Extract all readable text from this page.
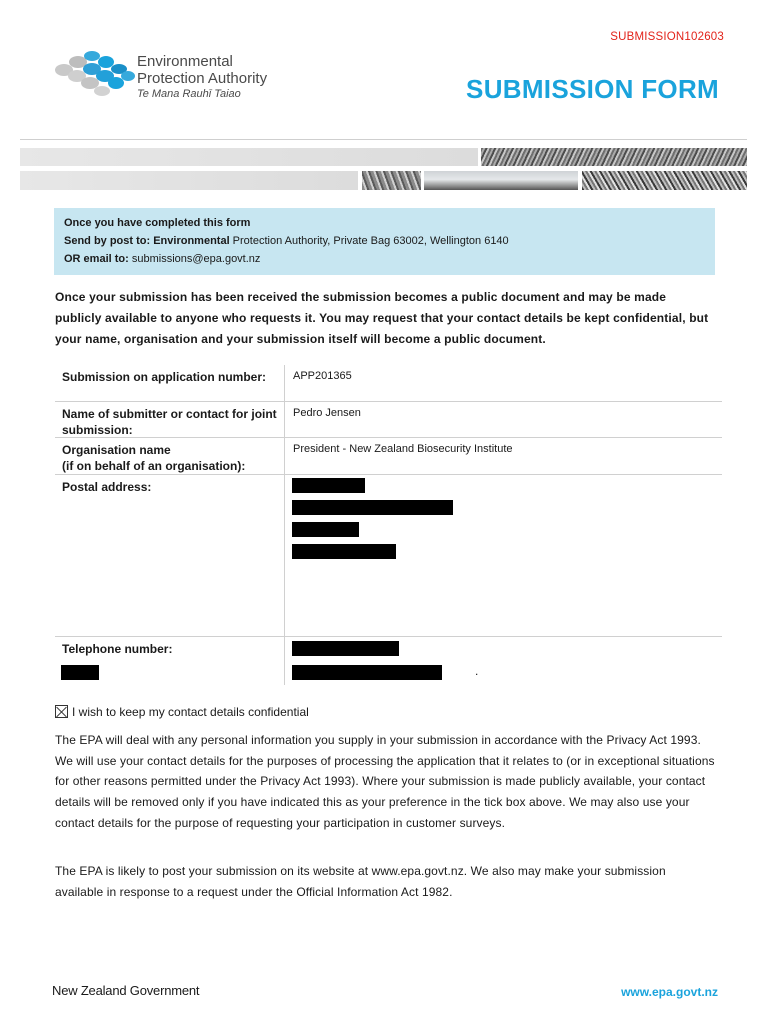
SUBMISSION102603
Environmental
Protection Authority
Te Mana Rauhī Taiao	SUBMISSION FORM
Once you have completed this form
Send by post to: Environmental Protection Authority, Private Bag 63002, Wellington 6140
OR email to: submissions@epa.govt.nz
Once your submission has been received the submission becomes a public document and may be made publicly available to anyone who requests it. You may request that your contact details be kept confidential, but your name, organisation and your submission itself will become a public document.
Submission on application number:	APP201365
Name of submitter or contact for joint submission:
Pedro Jensen
Organisation name
(if on behalf of an organisation):
President - New Zealand Biosecurity Institute
Postal address:
Telephone number:
.
I wish to keep my contact details confidential
The EPA will deal with any personal information you supply in your submission in accordance with the Privacy Act 1993. We will use your contact details for the purposes of processing the application that it relates to (or in exceptional situations for other reasons permitted under the Privacy Act 1993). Where your submission is made publicly available, your contact details will be removed only if you have indicated this as your preference in the tick box above. We may also use your contact details for the purpose of requesting your participation in customer surveys.
The EPA is likely to post your submission on its website at www.epa.govt.nz. We also may make your submission available in response to a request under the Official Information Act 1982.
New Zealand Government	www.epa.govt.nz
